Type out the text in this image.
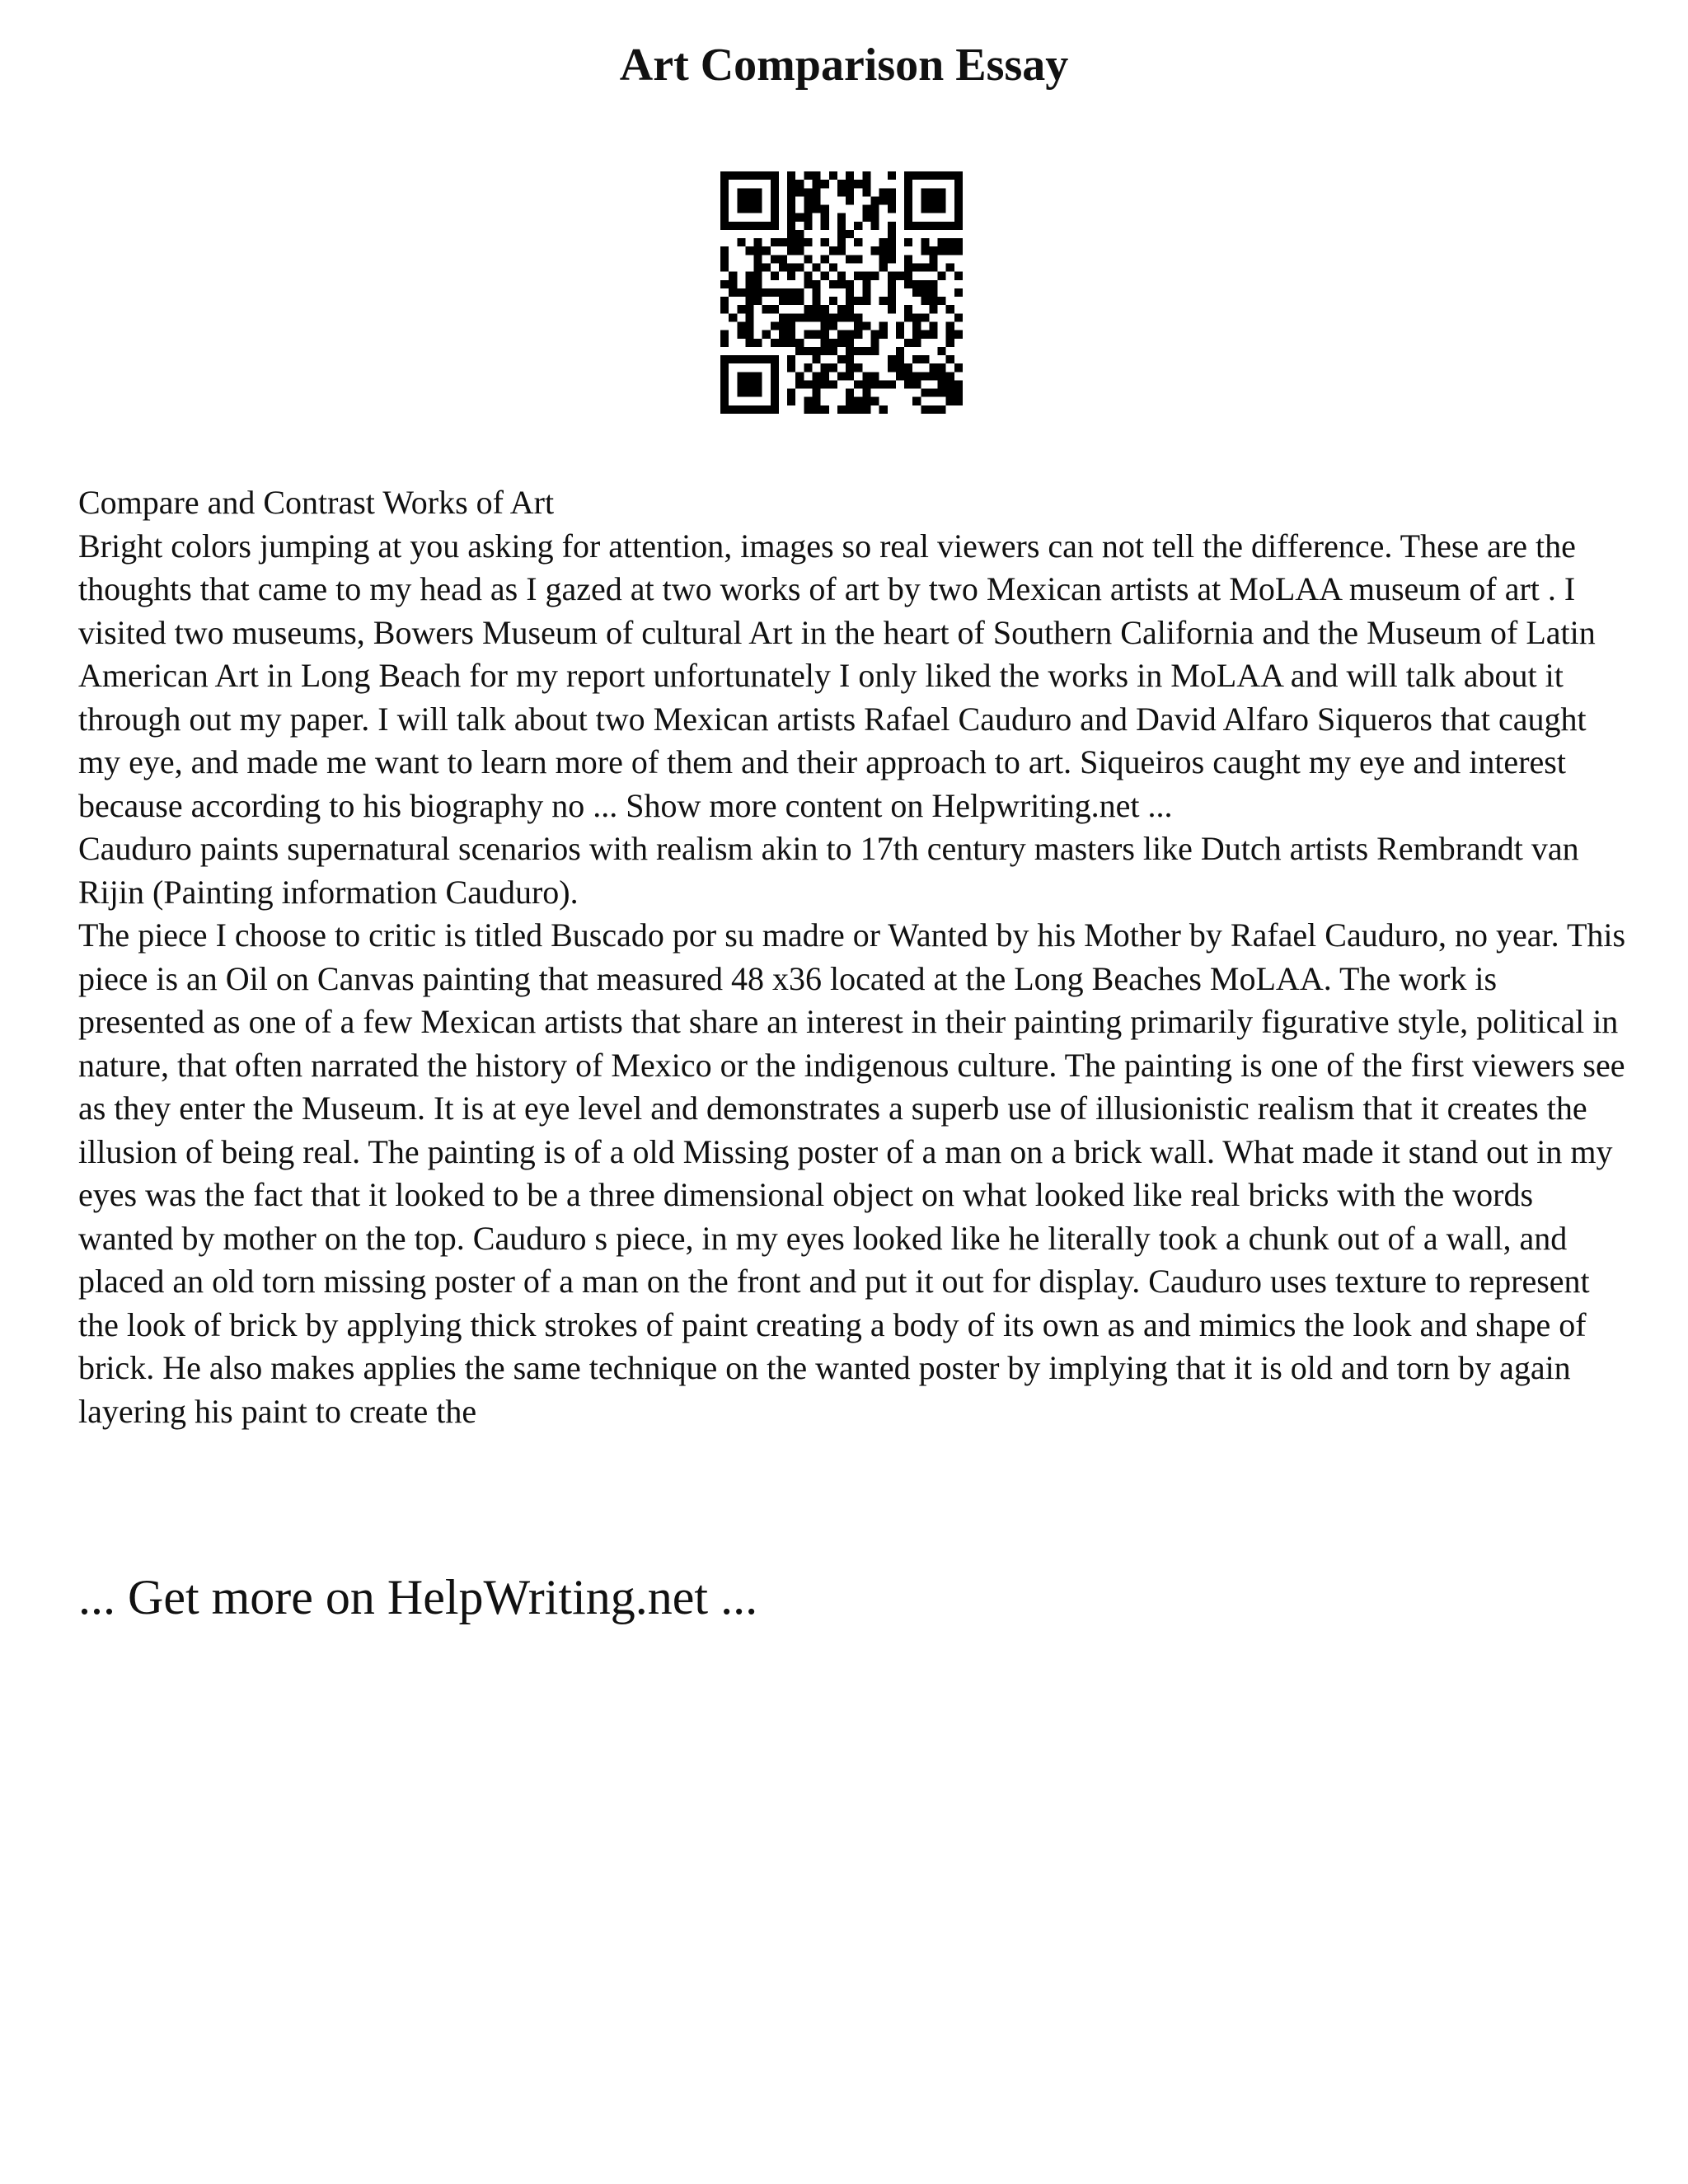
Art Comparison Essay

Compare and Contrast Works of Art

Bright colors jumping at you asking for attention, images so real viewers can not tell the difference. These are the thoughts that came to my head as I gazed at two works of art by two Mexican artists at MoLAA museum of art . I visited two museums, Bowers Museum of cultural Art in the heart of Southern California and the Museum of Latin American Art in Long Beach for my report unfortunately I only liked the works in MoLAA and will talk about it through out my paper. I will talk about two Mexican artists Rafael Cauduro and David Alfaro Siqueros that caught my eye, and made me want to learn more of them and their approach to art. Siqueiros caught my eye and interest because according to his biography no ... Show more content on Helpwriting.net ...

Cauduro paints supernatural scenarios with realism akin to 17th century masters like Dutch artists Rembrandt van Rijin (Painting information Cauduro).

The piece I choose to critic is titled Buscado por su madre or Wanted by his Mother by Rafael Cauduro, no year. This piece is an Oil on Canvas painting that measured 48 x36 located at the Long Beaches MoLAA. The work is presented as one of a few Mexican artists that share an interest in their painting primarily figurative style, political in nature, that often narrated the history of Mexico or the indigenous culture. The painting is one of the first viewers see as they enter the Museum. It is at eye level and demonstrates a superb use of illusionistic realism that it creates the illusion of being real. The painting is of a old Missing poster of a man on a brick wall. What made it stand out in my eyes was the fact that it looked to be a three dimensional object on what looked like real bricks with the words wanted by mother on the top. Cauduro s piece, in my eyes looked like he literally took a chunk out of a wall, and placed an old torn missing poster of a man on the front and put it out for display. Cauduro uses texture to represent the look of brick by applying thick strokes of paint creating a body of its own as and mimics the look and shape of brick. He also makes applies the same technique on the wanted poster by implying that it is old and torn by again layering his paint to create the

... Get more on HelpWriting.net ...
